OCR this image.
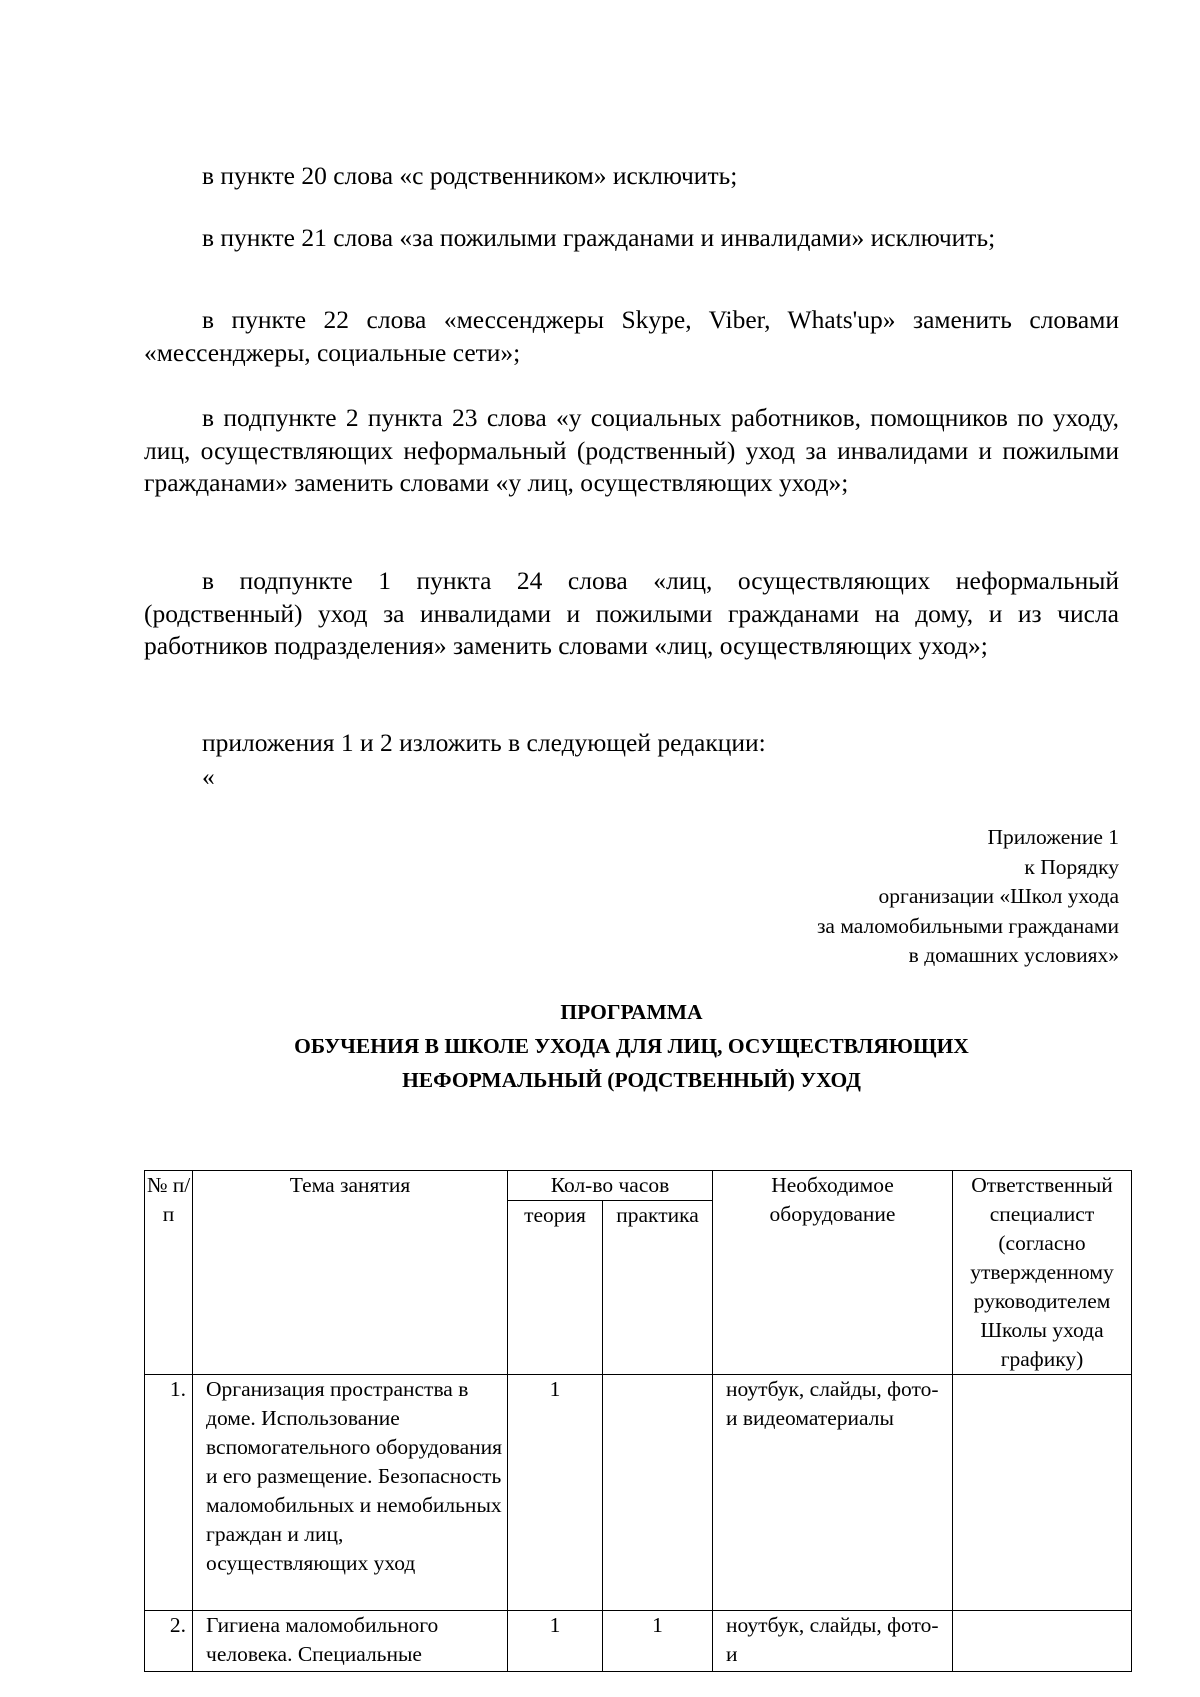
в пункте 20 слова «с родственником» исключить;

в пункте 21 слова «за пожилыми гражданами и инвалидами» исключить;

в пункте 22 слова «мессенджеры Skype, Viber, Whats'up» заменить словами «мессенджеры, социальные сети»;

в подпункте 2 пункта 23 слова «у социальных работников, помощников по уходу, лиц, осуществляющих неформальный (родственный) уход за инвалидами и пожилыми гражданами» заменить словами «у лиц, осуществляющих уход»;

в подпункте 1 пункта 24 слова «лиц, осуществляющих неформальный (родственный) уход за инвалидами и пожилыми гражданами на дому, и из числа работников подразделения» заменить словами «лиц, осуществляющих уход»;

приложения 1 и 2 изложить в следующей редакции:

«

Приложение 1
к Порядку
организации «Школ ухода
за маломобильными гражданами
в домашних условиях»
ПРОГРАММА
ОБУЧЕНИЯ В ШКОЛЕ УХОДА ДЛЯ ЛИЦ, ОСУЩЕСТВЛЯЮЩИХ
НЕФОРМАЛЬНЫЙ (РОДСТВЕННЫЙ) УХОД
№ п/п	Тема занятия	Кол-во часов		Необходимое оборудование	Ответственный специалист (согласно утвержденному руководителем Школы ухода графику)
		теория	практика		
1.	Организация пространства в доме. Использование вспомогательного оборудования и его размещение. Безопасность маломобильных и немобильных граждан и лиц, осуществляющих уход	1		ноутбук, слайды, фото- и видеоматериалы	
2.	Гигиена маломобильного человека. Специальные	1	1	ноутбук, слайды, фото- и	
